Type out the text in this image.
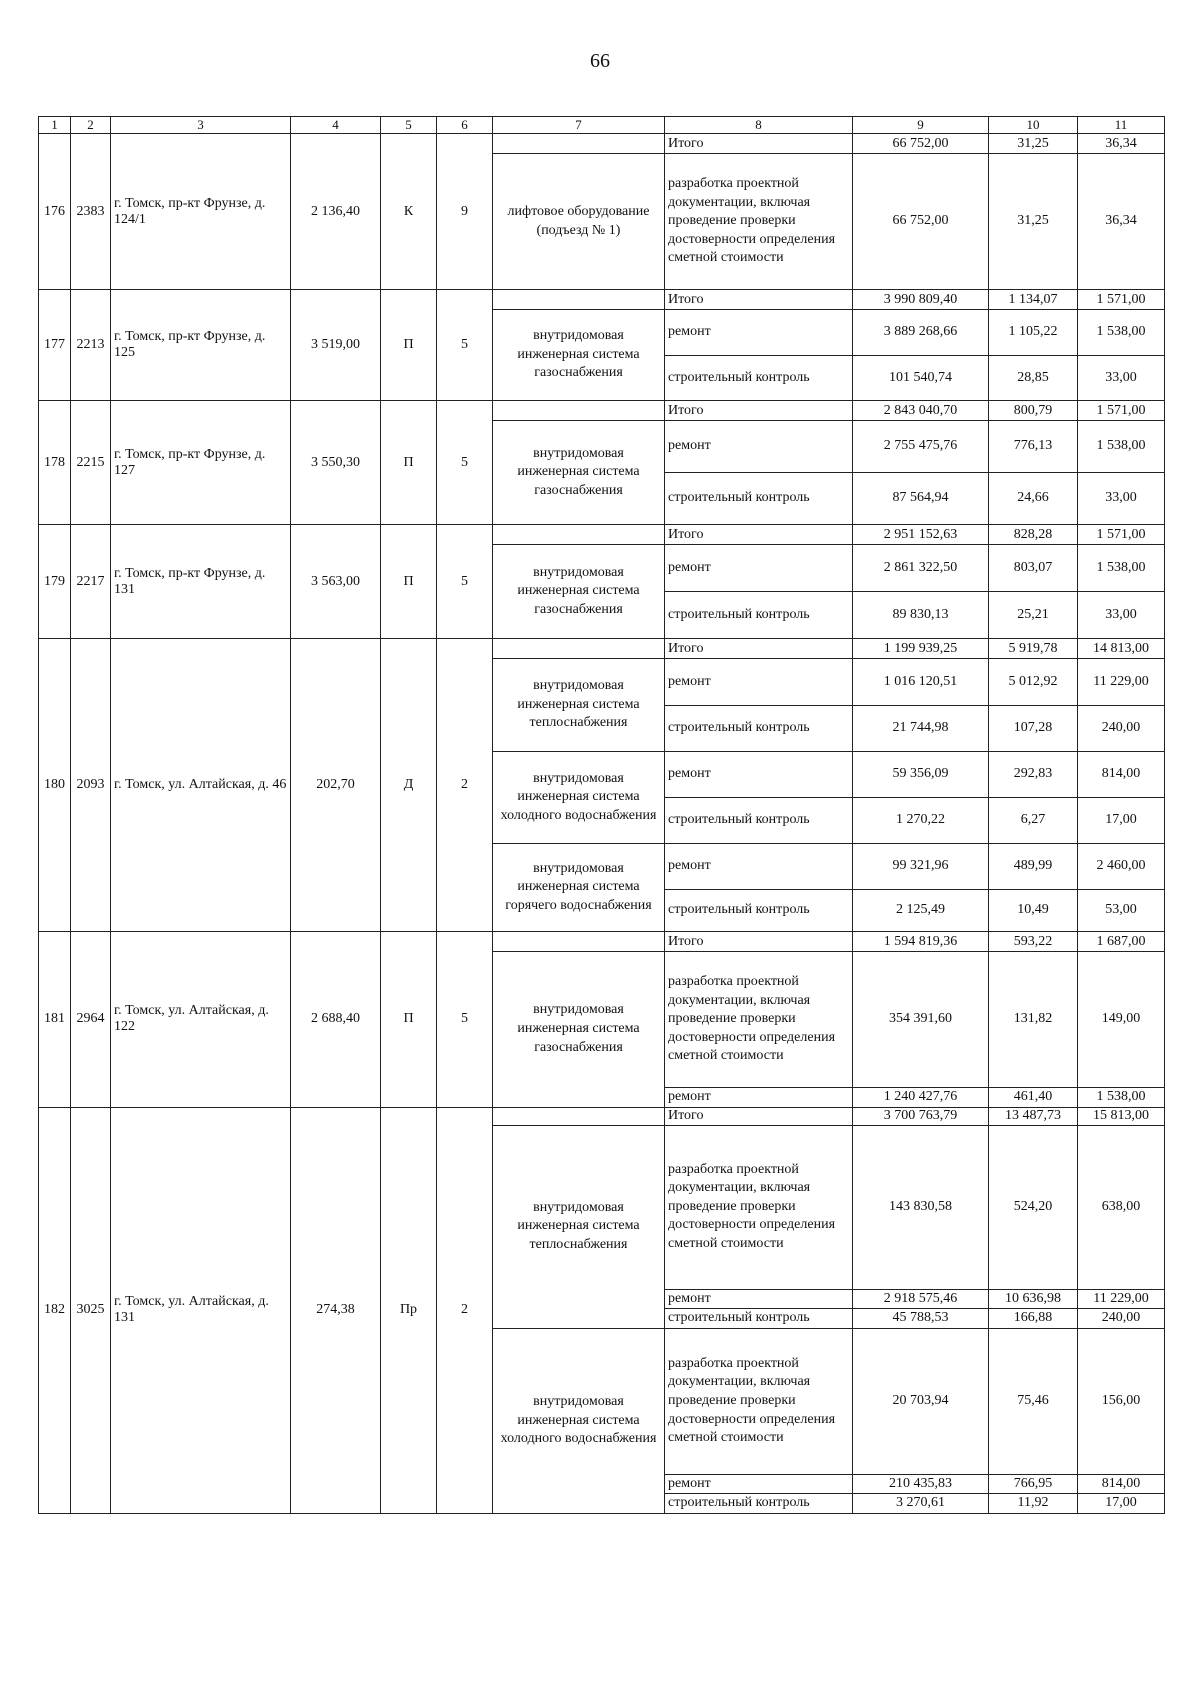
66
1	2	3	4	5	6	7	8	9	10	11
176	2383	г. Томск, пр-кт Фрунзе, д. 124/1	2 136,40	К	9		Итого	66 752,00	31,25	36,34
						лифтовое оборудование (подъезд № 1)	разработка проектной документации, включая проведение проверки достоверности определения сметной стоимости	66 752,00	31,25	36,34
177	2213	г. Томск, пр-кт Фрунзе, д. 125	3 519,00	П	5		Итого	3 990 809,40	1 134,07	1 571,00
						внутридомовая инженерная система газоснабжения	ремонт	3 889 268,66	1 105,22	1 538,00
							строительный контроль	101 540,74	28,85	33,00
178	2215	г. Томск, пр-кт Фрунзе, д. 127	3 550,30	П	5		Итого	2 843 040,70	800,79	1 571,00
						внутридомовая инженерная система газоснабжения	ремонт	2 755 475,76	776,13	1 538,00
							строительный контроль	87 564,94	24,66	33,00
179	2217	г. Томск, пр-кт Фрунзе, д. 131	3 563,00	П	5		Итого	2 951 152,63	828,28	1 571,00
						внутридомовая инженерная система газоснабжения	ремонт	2 861 322,50	803,07	1 538,00
							строительный контроль	89 830,13	25,21	33,00
180	2093	г. Томск, ул. Алтайская, д. 46	202,70	Д	2		Итого	1 199 939,25	5 919,78	14 813,00
						внутридомовая инженерная система теплоснабжения	ремонт	1 016 120,51	5 012,92	11 229,00
							строительный контроль	21 744,98	107,28	240,00
						внутридомовая инженерная система холодного водоснабжения	ремонт	59 356,09	292,83	814,00
							строительный контроль	1 270,22	6,27	17,00
						внутридомовая инженерная система горячего водоснабжения	ремонт	99 321,96	489,99	2 460,00
							строительный контроль	2 125,49	10,49	53,00
181	2964	г. Томск, ул. Алтайская, д. 122	2 688,40	П	5		Итого	1 594 819,36	593,22	1 687,00
						внутридомовая инженерная система газоснабжения	разработка проектной документации, включая проведение проверки достоверности определения сметной стоимости	354 391,60	131,82	149,00
							ремонт	1 240 427,76	461,40	1 538,00
182	3025	г. Томск, ул. Алтайская, д. 131	274,38	Пр	2		Итого	3 700 763,79	13 487,73	15 813,00
						внутридомовая инженерная система теплоснабжения	разработка проектной документации, включая проведение проверки достоверности определения сметной стоимости	143 830,58	524,20	638,00
							ремонт	2 918 575,46	10 636,98	11 229,00
							строительный контроль	45 788,53	166,88	240,00
						внутридомовая инженерная система холодного водоснабжения	разработка проектной документации, включая проведение проверки достоверности определения сметной стоимости	20 703,94	75,46	156,00
							ремонт	210 435,83	766,95	814,00
							строительный контроль	3 270,61	11,92	17,00
